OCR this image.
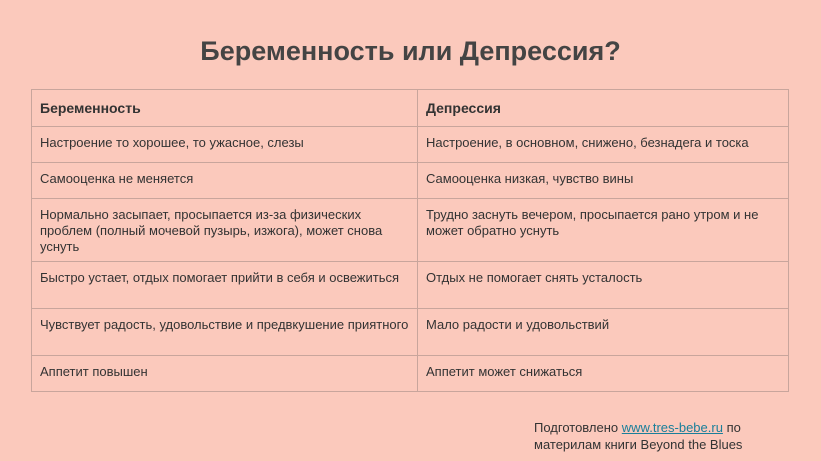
Беременность или Депрессия?
Беременность	Депрессия
Настроение то хорошее, то ужасное, слезы	Настроение, в основном, снижено, безнадега и тоска
Самооценка не меняется	Самооценка низкая, чувство вины
Нормально засыпает, просыпается из-за физических проблем (полный мочевой пузырь, изжога), может снова уснуть	Трудно заснуть вечером, просыпается рано утром и не может обратно уснуть
Быстро устает, отдых помогает прийти в себя и освежиться	Отдых не помогает снять усталость
Чувствует радость, удовольствие и предвкушение приятного	Мало радости и удовольствий
Аппетит повышен	Аппетит может снижаться
Подготовлено www.tres-bebe.ru по материлам книги Beyond the Blues
